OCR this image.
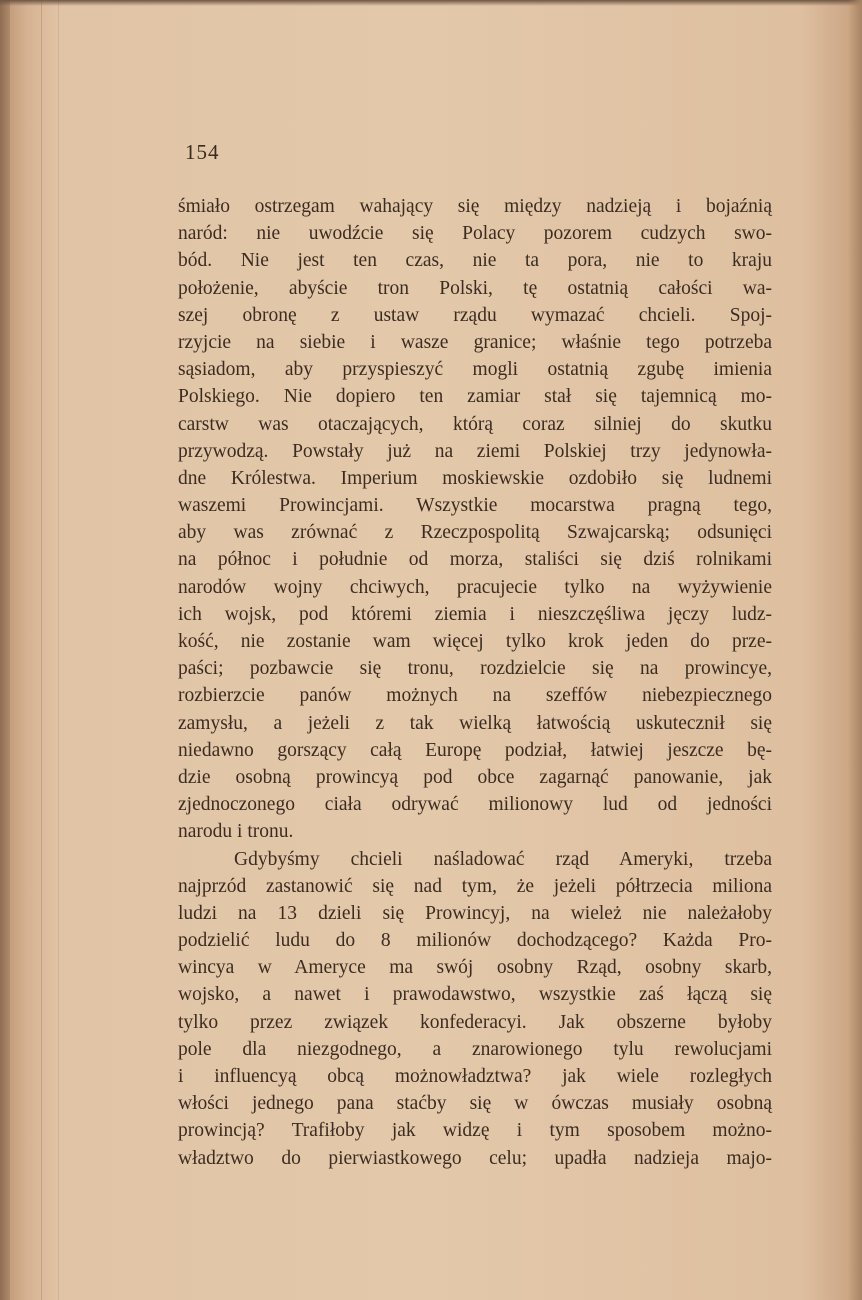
154
śmiało ostrzegam wahający się między nadzieją i bojaźnią
naród: nie uwodźcie się Polacy pozorem cudzych swo-
bód. Nie jest ten czas, nie ta pora, nie to kraju
położenie, abyście tron Polski, tę ostatnią całości wa-
szej obronę z ustaw rządu wymazać chcieli. Spoj-
rzyjcie na siebie i wasze granice; właśnie tego potrzeba
sąsiadom, aby przyspieszyć mogli ostatnią zgubę imienia
Polskiego. Nie dopiero ten zamiar stał się tajemnicą mo-
carstw was otaczających, którą coraz silniej do skutku
przywodzą. Powstały już na ziemi Polskiej trzy jedynowła-
dne Królestwa. Imperium moskiewskie ozdobiło się ludnemi
waszemi Prowincjami. Wszystkie mocarstwa pragną tego,
aby was zrównać z Rzeczpospolitą Szwajcarską; odsunięci
na północ i południe od morza, staliści się dziś rolnikami
narodów wojny chciwych, pracujecie tylko na wyżywienie
ich wojsk, pod któremi ziemia i nieszczęśliwa jęczy ludz-
kość, nie zostanie wam więcej tylko krok jeden do prze-
paści; pozbawcie się tronu, rozdzielcie się na prowincye,
rozbierzcie panów możnych na szeffów niebezpiecznego
zamysłu, a jeżeli z tak wielką łatwością uskutecznił się
niedawno gorszący całą Europę podział, łatwiej jeszcze bę-
dzie osobną prowincyą pod obce zagarnąć panowanie, jak
zjednoczonego ciała odrywać milionowy lud od jedności
narodu i tronu.
Gdybyśmy chcieli naśladować rząd Ameryki, trzeba
najprzód zastanowić się nad tym, że jeżeli półtrzecia miliona
ludzi na 13 dzieli się Prowincyj, na wieleż nie należałoby
podzielić ludu do 8 milionów dochodzącego? Każda Pro-
wincya w Ameryce ma swój osobny Rząd, osobny skarb,
wojsko, a nawet i prawodawstwo, wszystkie zaś łączą się
tylko przez związek konfederacyi. Jak obszerne byłoby
pole dla niezgodnego, a znarowionego tylu rewolucjami
i influencyą obcą możnowładztwa? jak wiele rozległych
włości jednego pana staćby się w ówczas musiały osobną
prowincją? Trafiłoby jak widzę i tym sposobem możno-
władztwo do pierwiastkowego celu; upadła nadzieja majo-
